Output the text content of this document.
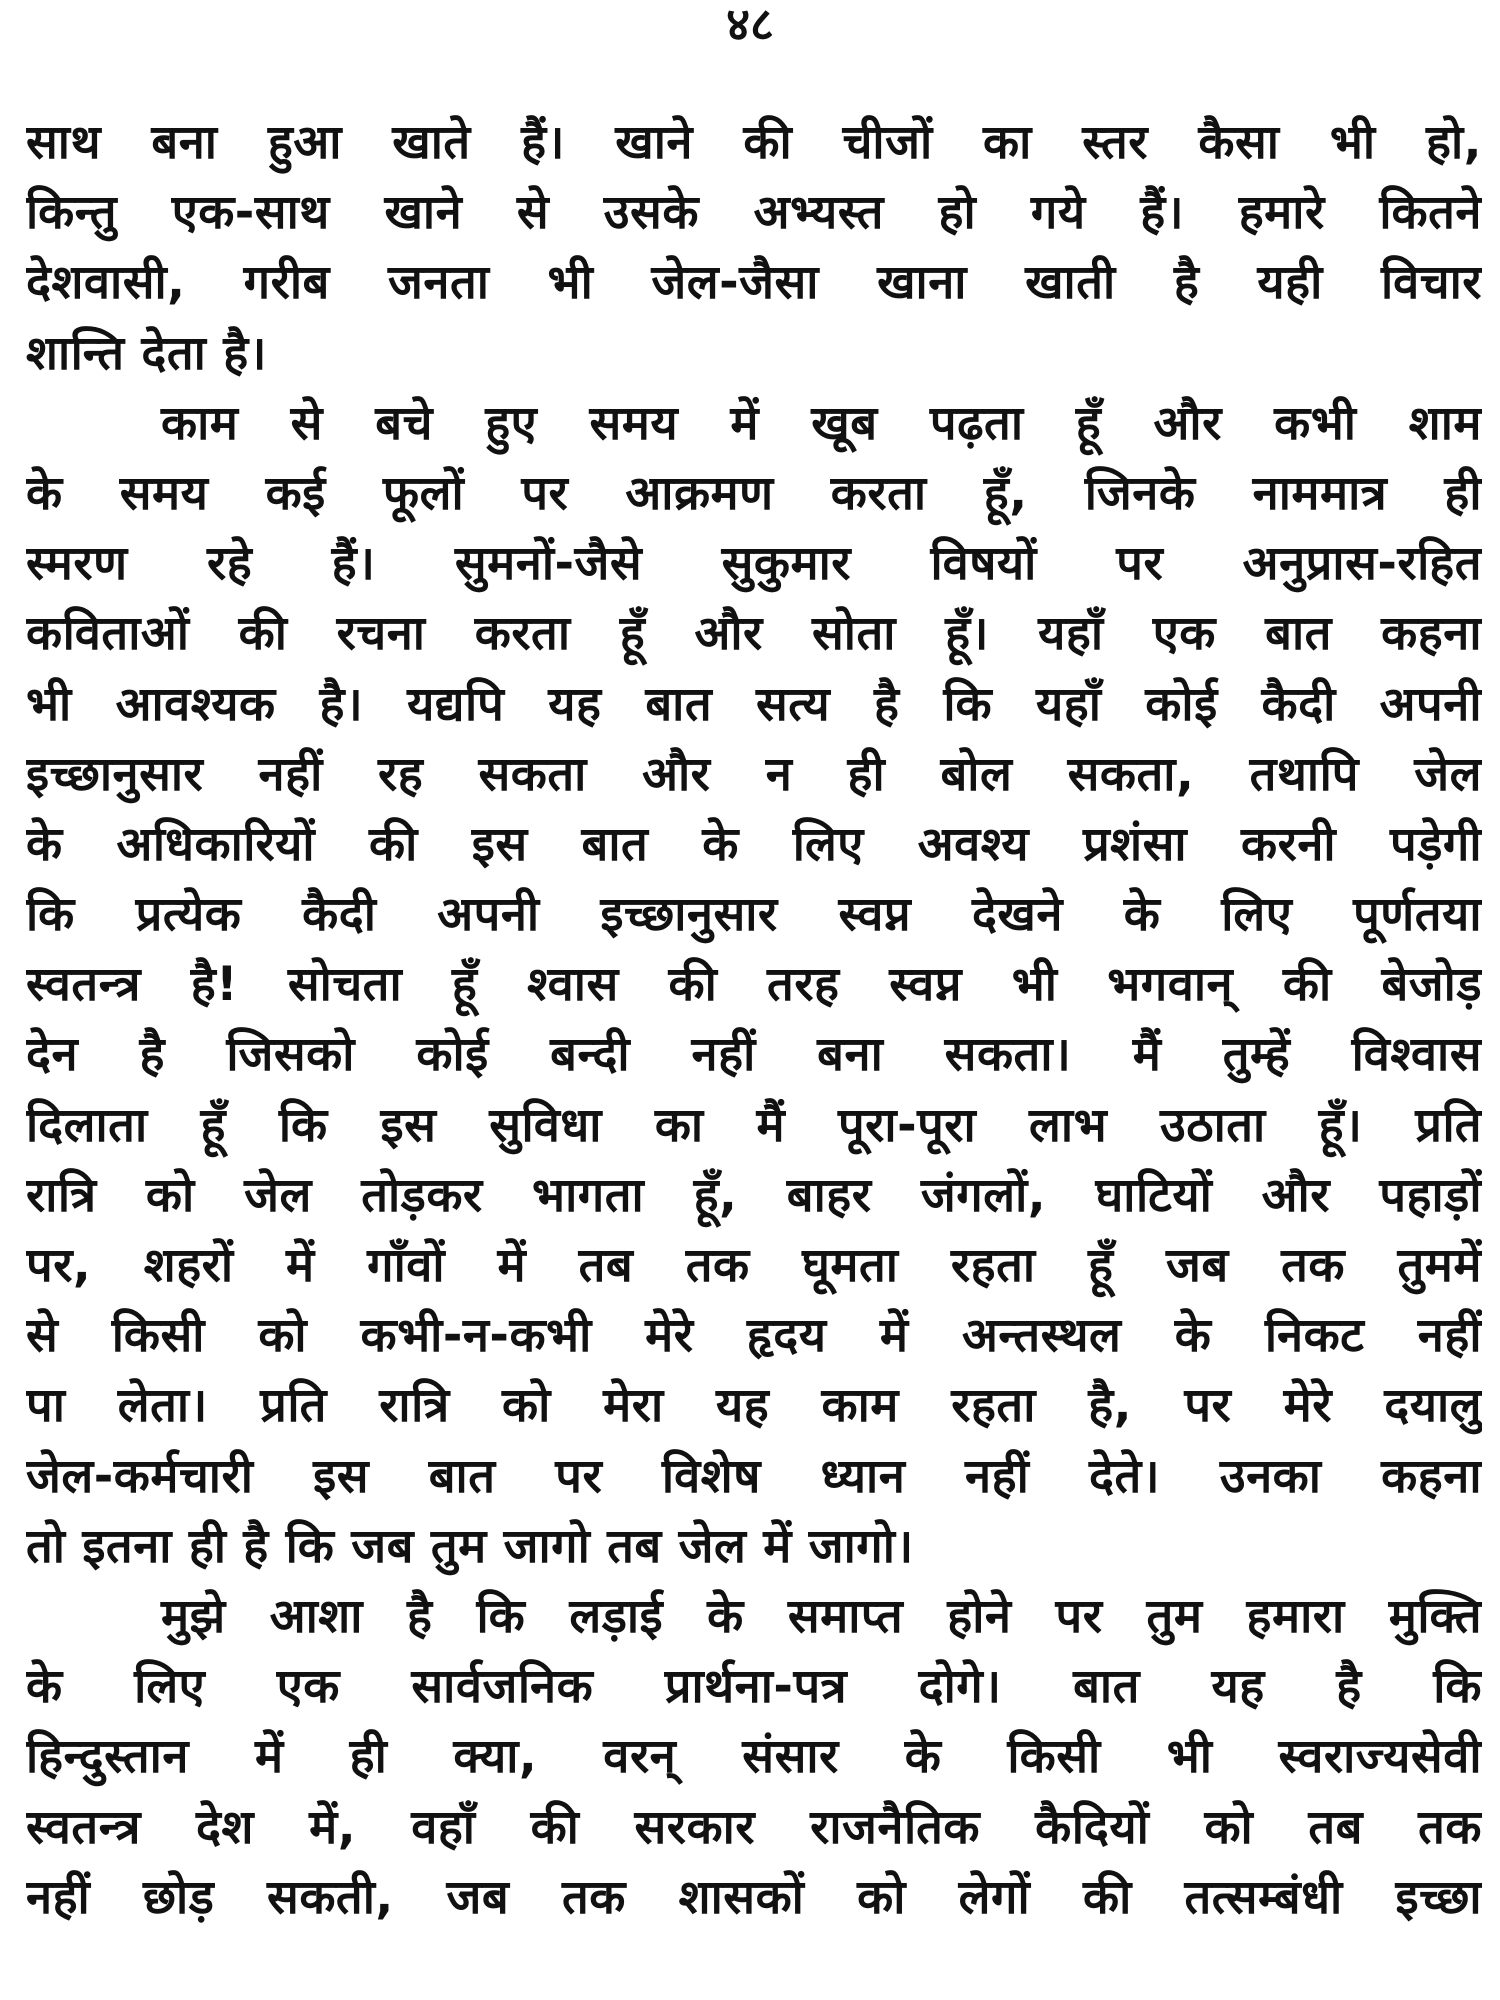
४८
साथ बना हुआ खाते हैं। खाने की चीजों का स्तर कैसा भी हो,
किन्तु एक-साथ खाने से उसके अभ्यस्त हो गये हैं। हमारे कितने
देशवासी, गरीब जनता भी जेल-जैसा खाना खाती है यही विचार
शान्ति देता है।
काम से बचे हुए समय में खूब पढ़ता हूँ और कभी शाम
के समय कई फूलों पर आक्रमण करता हूँ, जिनके नाममात्र ही
स्मरण रहे हैं। सुमनों-जैसे सुकुमार विषयों पर अनुप्रास-रहित
कविताओं की रचना करता हूँ और सोता हूँ। यहाँ एक बात कहना
भी आवश्यक है। यद्यपि यह बात सत्य है कि यहाँ कोई कैदी अपनी
इच्छानुसार नहीं रह सकता और न ही बोल सकता, तथापि जेल
के अधिकारियों की इस बात के लिए अवश्य प्रशंसा करनी पड़ेगी
कि प्रत्येक कैदी अपनी इच्छानुसार स्वप्न देखने के लिए पूर्णतया
स्वतन्त्र है! सोचता हूँ श्वास की तरह स्वप्न भी भगवान् की बेजोड़
देन है जिसको कोई बन्दी नहीं बना सकता। मैं तुम्हें विश्वास
दिलाता हूँ कि इस सुविधा का मैं पूरा-पूरा लाभ उठाता हूँ। प्रति
रात्रि को जेल तोड़कर भागता हूँ, बाहर जंगलों, घाटियों और पहाड़ों
पर, शहरों में गाँवों में तब तक घूमता रहता हूँ जब तक तुममें
से किसी को कभी-न-कभी मेरे हृदय में अन्तस्थल के निकट नहीं
पा लेता। प्रति रात्रि को मेरा यह काम रहता है, पर मेरे दयालु
जेल-कर्मचारी इस बात पर विशेष ध्यान नहीं देते। उनका कहना
तो इतना ही है कि जब तुम जागो तब जेल में जागो।
मुझे आशा है कि लड़ाई के समाप्त होने पर तुम हमारा मुक्ति
के लिए एक सार्वजनिक प्रार्थना-पत्र दोगे। बात यह है कि
हिन्दुस्तान में ही क्या, वरन् संसार के किसी भी स्वराज्यसेवी
स्वतन्त्र देश में, वहाँ की सरकार राजनैतिक कैदियों को तब तक
नहीं छोड़ सकती, जब तक शासकों को लेगों की तत्सम्बंधी इच्छा
